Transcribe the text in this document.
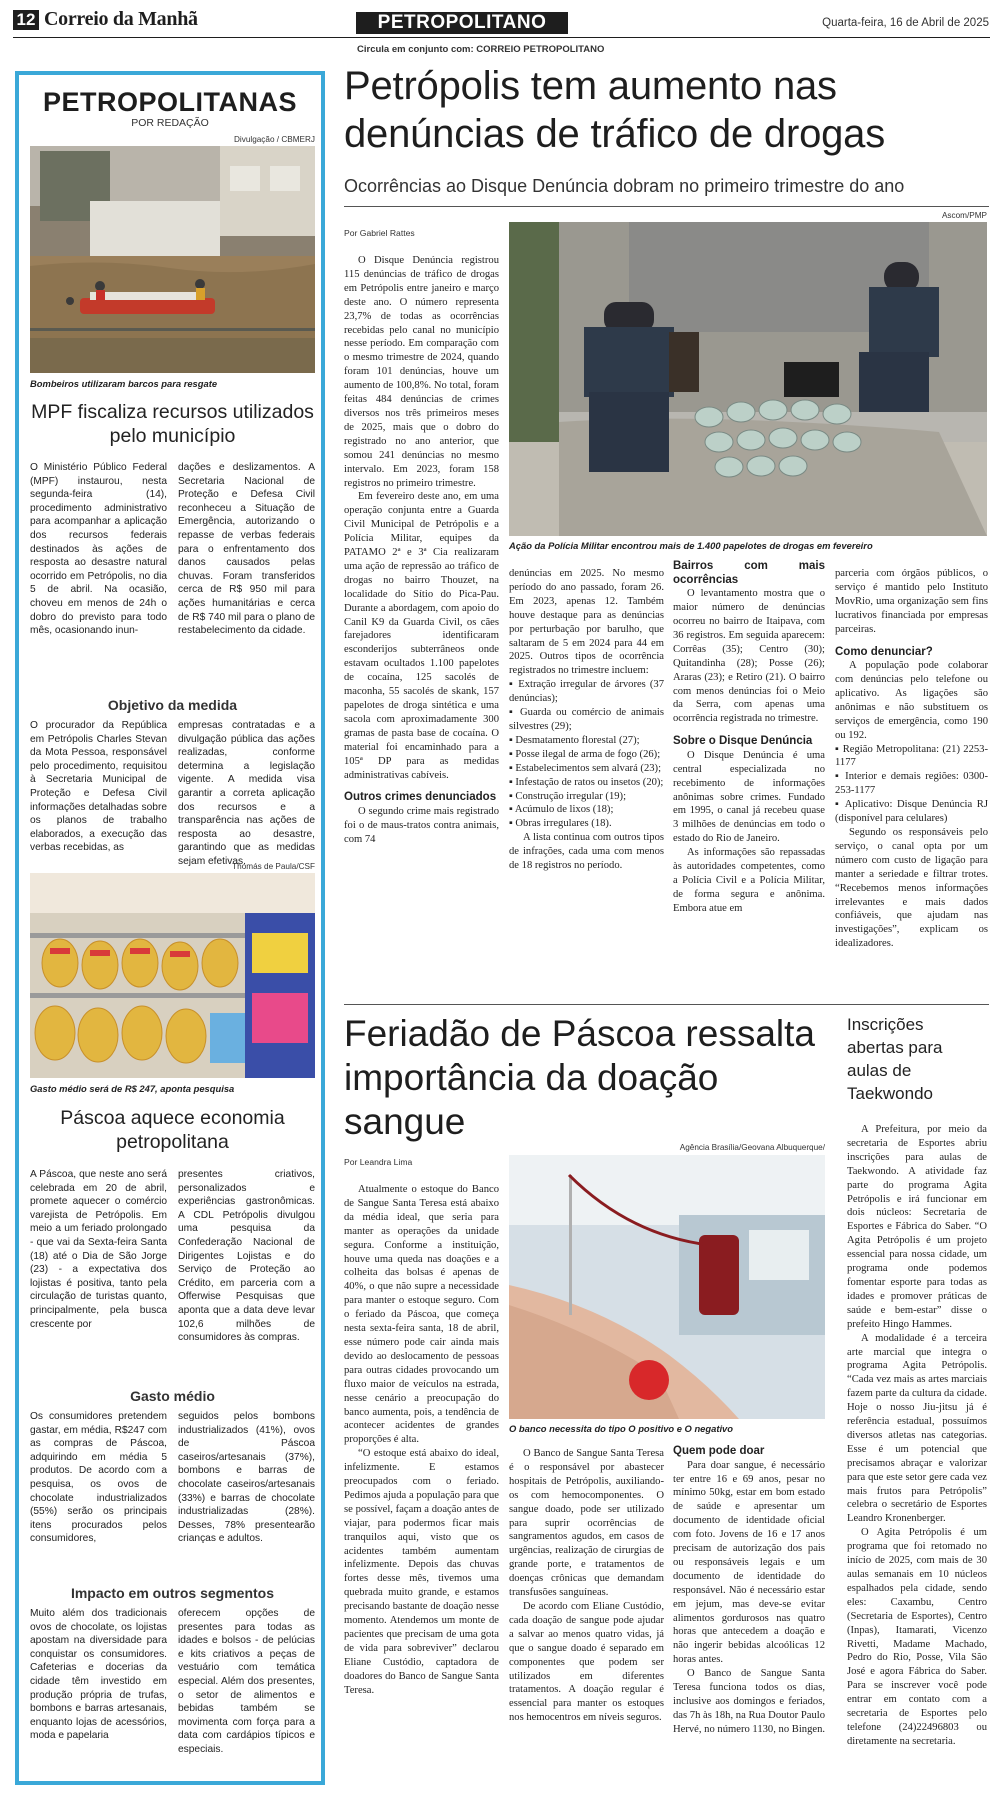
12 Correio da Manhã	PETROPOLITANO	Quarta-feira, 16 de Abril de 2025
Circula em conjunto com: CORREIO PETROPOLITANO
PETROPOLITANAS
POR REDAÇÃO
Divulgação / CBMERJ
Bombeiros utilizaram barcos para resgate
MPF fiscaliza recursos utilizados pelo município
O Ministério Público Federal (MPF) instaurou, nesta segunda-feira (14), procedimento administrativo para acompanhar a aplicação dos recursos federais destinados às ações de resposta ao desastre natural ocorrido em Petrópolis, no dia 5 de abril. Na ocasião, choveu em menos de 24h o dobro do previsto para todo mês, ocasionando inun-
dações e deslizamentos. A Secretaria Nacional de Proteção e Defesa Civil reconheceu a Situação de Emergência, autorizando o repasse de verbas federais para o enfrentamento dos danos causados pelas chuvas. Foram transferidos cerca de R$ 950 mil para ações humanitárias e cerca de R$ 740 mil para o plano de restabelecimento da cidade.
Objetivo da medida
O procurador da República em Petrópolis Charles Stevan da Mota Pessoa, responsável pelo procedimento, requisitou à Secretaria Municipal de Proteção e Defesa Civil informações detalhadas sobre os planos de trabalho elaborados, a execução das verbas recebidas, as
empresas contratadas e a divulgação pública das ações realizadas, conforme determina a legislação vigente. A medida visa garantir a correta aplicação dos recursos e a transparência nas ações de resposta ao desastre, garantindo que as medidas sejam efetivas.
Thomás de Paula/CSF
Gasto médio será de R$ 247, aponta pesquisa
Páscoa aquece economia petropolitana
A Páscoa, que neste ano será celebrada em 20 de abril, promete aquecer o comércio varejista de Petrópolis. Em meio a um feriado prolongado - que vai da Sexta-feira Santa (18) até o Dia de São Jorge (23) - a expectativa dos lojistas é positiva, tanto pela circulação de turistas quanto, principalmente, pela busca crescente por
presentes criativos, personalizados e experiências gastronômicas. A CDL Petrópolis divulgou uma pesquisa da Confederação Nacional de Dirigentes Lojistas e do Serviço de Proteção ao Crédito, em parceria com a Offerwise Pesquisas que aponta que a data deve levar 102,6 milhões de consumidores às compras.
Gasto médio
Os consumidores pretendem gastar, em média, R$247 com as compras de Páscoa, adquirindo em média 5 produtos. De acordo com a pesquisa, os ovos de chocolate industrializados (55%) serão os principais itens procurados pelos consumidores,
seguidos pelos bombons industrializados (41%), ovos de Páscoa caseiros/artesanais (37%), bombons e barras de chocolate caseiros/artesanais (33%) e barras de chocolate industrializadas (28%). Desses, 78% presentearão crianças e adultos.
Impacto em outros segmentos
Muito além dos tradicionais ovos de chocolate, os lojistas apostam na diversidade para conquistar os consumidores. Cafeterias e docerias da cidade têm investido em produção própria de trufas, bombons e barras artesanais, enquanto lojas de acessórios, moda e papelaria
oferecem opções de presentes para todas as idades e bolsos - de pelúcias e kits criativos a peças de vestuário com temática especial. Além dos presentes, o setor de alimentos e bebidas também se movimenta com força para a data com cardápios típicos e especiais.
Petrópolis tem aumento nas denúncias de tráfico de drogas
Ocorrências ao Disque Denúncia dobram no primeiro trimestre do ano
Ascom/PMP
Ação da Polícia Militar encontrou mais de 1.400 papelotes de drogas em fevereiro
Por Gabriel Rattes

O Disque Denúncia registrou 115 denúncias de tráfico de drogas em Petrópolis entre janeiro e março deste ano. O número representa 23,7% de todas as ocorrências recebidas pelo canal no município nesse período. Em comparação com o mesmo trimestre de 2024, quando foram 101 denúncias, houve um aumento de 100,8%. No total, foram feitas 484 denúncias de crimes diversos nos três primeiros meses de 2025, mais que o dobro do registrado no ano anterior, que somou 241 denúncias no mesmo intervalo. Em 2023, foram 158 registros no primeiro trimestre.

Em fevereiro deste ano, em uma operação conjunta entre a Guarda Civil Municipal de Petrópolis e a Polícia Militar, equipes da PATAMO 2ª e 3ª Cia realizaram uma ação de repressão ao tráfico de drogas no bairro Thouzet, na localidade do Sítio do Pica-Pau. Durante a abordagem, com apoio do Canil K9 da Guarda Civil, os cães farejadores identificaram esconderijos subterrâneos onde estavam ocultados 1.100 papelotes de cocaína, 125 sacolés de maconha, 55 sacolés de skank, 157 papelotes de droga sintética e uma sacola com aproximadamente 300 gramas de pasta base de cocaína. O material foi encaminhado para a 105ª DP para as medidas administrativas cabíveis.

Outros crimes denunciados

O segundo crime mais registrado foi o de maus-tratos contra animais, com 74

denúncias em 2025. No mesmo período do ano passado, foram 26. Em 2023, apenas 12. Também houve destaque para as denúncias por perturbação por barulho, que saltaram de 5 em 2024 para 44 em 2025. Outros tipos de ocorrência registrados no trimestre incluem:

▪ Extração irregular de árvores (37 denúncias);
▪ Guarda ou comércio de animais silvestres (29);
▪ Desmatamento florestal (27);
▪ Posse ilegal de arma de fogo (26);
▪ Estabelecimentos sem alvará (23);
▪ Infestação de ratos ou insetos (20);
▪ Construção irregular (19);
▪ Acúmulo de lixos (18);
▪ Obras irregulares (18).

A lista continua com outros tipos de infrações, cada uma com menos de 18 registros no período.

Bairros com mais ocorrências

O levantamento mostra que o maior número de denúncias ocorreu no bairro de Itaipava, com 36 registros. Em seguida aparecem: Corrêas (35); Centro (30); Quitandinha (28); Posse (26); Araras (23); e Retiro (21). O bairro com menos denúncias foi o Meio da Serra, com apenas uma ocorrência registrada no trimestre.

Sobre o Disque Denúncia

O Disque Denúncia é uma central especializada no recebimento de informações anônimas sobre crimes. Fundado em 1995, o canal já recebeu quase 3 milhões de denúncias em todo o estado do Rio de Janeiro.

As informações são repassadas às autoridades competentes, como a Polícia Civil e a Polícia Militar, de forma segura e anônima. Embora atue em

parceria com órgãos públicos, o serviço é mantido pelo Instituto MovRio, uma organização sem fins lucrativos financiada por empresas parceiras.

Como denunciar?

A população pode colaborar com denúncias pelo telefone ou aplicativo. As ligações são anônimas e não substituem os serviços de emergência, como 190 ou 192.

▪ Região Metropolitana: (21) 2253-1177
▪ Interior e demais regiões: 0300-253-1177
▪ Aplicativo: Disque Denúncia RJ (disponível para celulares)

Segundo os responsáveis pelo serviço, o canal opta por um número com custo de ligação para manter a seriedade e filtrar trotes. “Recebemos menos informações irrelevantes e mais dados confiáveis, que ajudam nas investigações”, explicam os idealizadores.

Feriadão de Páscoa ressalta importância da doação sangue
Por Leandra Lima
Agência Brasília/Geovana Albuquerque/
O banco necessita do tipo O positivo e O negativo

Atualmente o estoque do Banco de Sangue Santa Teresa está abaixo da média ideal, que seria para manter as operações da unidade segura. Conforme a instituição, houve uma queda nas doações e a colheita das bolsas é apenas de 40%, o que não supre a necessidade para manter o estoque seguro. Com o feriado da Páscoa, que começa nesta sexta-feira santa, 18 de abril, esse número pode cair ainda mais devido ao deslocamento de pessoas para outras cidades provocando um fluxo maior de veículos na estrada, nesse cenário a preocupação do banco aumenta, pois, a tendência de acontecer acidentes de grandes proporções é alta.

“O estoque está abaixo do ideal, infelizmente. E estamos preocupados com o feriado. Pedimos ajuda a população para que se possível, façam a doação antes de viajar, para podermos ficar mais tranquilos aqui, visto que os acidentes também aumentam infelizmente. Depois das chuvas fortes desse mês, tivemos uma quebrada muito grande, e estamos precisando bastante de doação nesse momento. Atendemos um monte de pacientes que precisam de uma gota de vida para sobreviver” declarou Eliane Custódio, captadora de doadores do Banco de Sangue Santa Teresa.

O Banco de Sangue Santa Teresa é o responsável por abastecer hospitais de Petrópolis, auxiliando-os com hemocomponentes. O sangue doado, pode ser utilizado para suprir ocorrências de sangramentos agudos, em casos de urgências, realização de cirurgias de grande porte, e tratamentos de doenças crônicas que demandam transfusões sanguíneas.

De acordo com Eliane Custódio, cada doação de sangue pode ajudar a salvar ao menos quatro vidas, já que o sangue doado é separado em componentes que podem ser utilizados em diferentes tratamentos. A doação regular é essencial para manter os estoques nos hemocentros em níveis seguros.

Quem pode doar

Para doar sangue, é necessário ter entre 16 e 69 anos, pesar no mínimo 50kg, estar em bom estado de saúde e apresentar um documento de identidade oficial com foto. Jovens de 16 e 17 anos precisam de autorização dos pais ou responsáveis legais e um documento de identidade do responsável. Não é necessário estar em jejum, mas deve-se evitar alimentos gordurosos nas quatro horas que antecedem a doação e não ingerir bebidas alcoólicas 12 horas antes.

O Banco de Sangue Santa Teresa funciona todos os dias, inclusive aos domingos e feriados, das 7h às 18h, na Rua Doutor Paulo Hervé, no número 1130, no Bingen.

Inscrições abertas para aulas de Taekwondo

A Prefeitura, por meio da secretaria de Esportes abriu inscrições para aulas de Taekwondo. A atividade faz parte do programa Agita Petrópolis e irá funcionar em dois núcleos: Secretaria de Esportes e Fábrica do Saber. “O Agita Petrópolis é um projeto essencial para nossa cidade, um programa onde podemos fomentar esporte para todas as idades e promover práticas de saúde e bem-estar” disse o prefeito Hingo Hammes.

A modalidade é a terceira arte marcial que integra o programa Agita Petrópolis. “Cada vez mais as artes marciais fazem parte da cultura da cidade. Hoje o nosso Jiu-jitsu já é referência estadual, possuímos diversos atletas nas categorias. Esse é um potencial que precisamos abraçar e valorizar para que este setor gere cada vez mais frutos para Petrópolis” celebra o secretário de Esportes Leandro Kronenberger.

O Agita Petrópolis é um programa que foi retomado no início de 2025, com mais de 30 aulas semanais em 10 núcleos espalhados pela cidade, sendo eles: Caxambu, Centro (Secretaria de Esportes), Centro (Inpas), Itamarati, Vicenzo Rivetti, Madame Machado, Pedro do Rio, Posse, Vila São José e agora Fábrica do Saber. Para se inscrever você pode entrar em contato com a secretaria de Esportes pelo telefone (24)22496803 ou diretamente na secretaria.
